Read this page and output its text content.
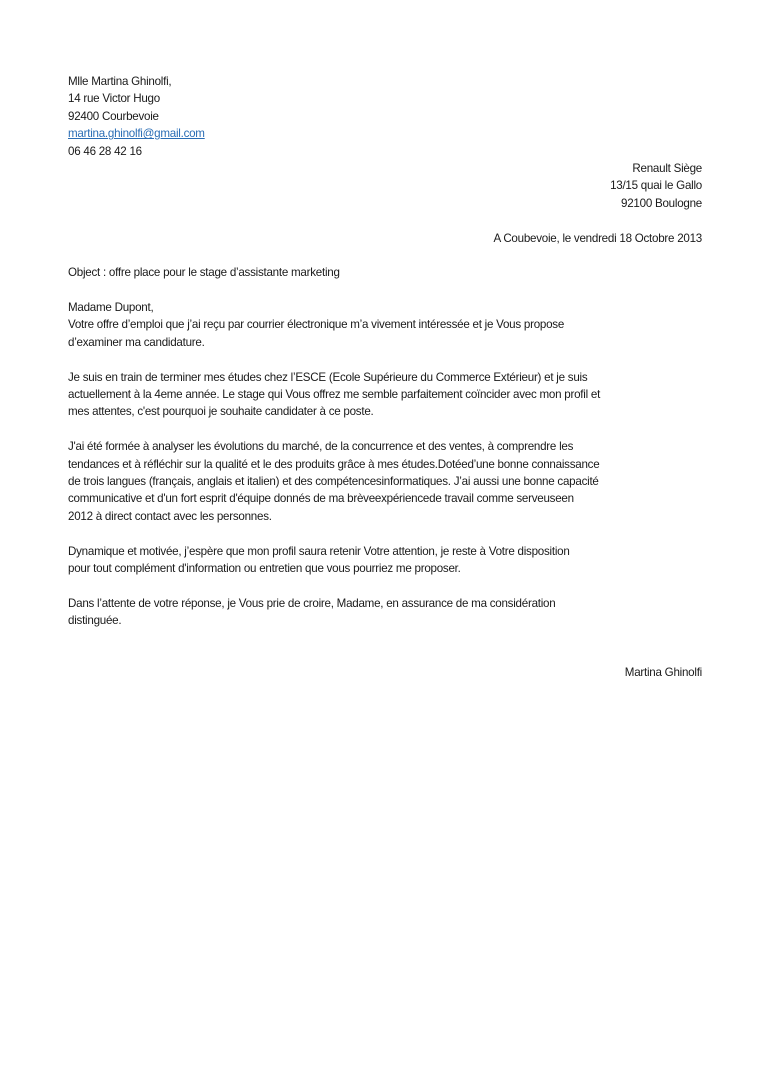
Mlle Martina Ghinolfi,
14 rue Victor Hugo
92400 Courbevoie
martina.ghinolfi@gmail.com
06 46 28 42 16
Renault Siège
13/15 quai le Gallo
92100 Boulogne
A Coubevoie, le vendredi 18 Octobre 2013
Object : offre place pour le stage d’assistante marketing
Madame Dupont,
Votre offre d’emploi que j’ai reçu par courrier électronique m’a vivement intéressée et je Vous propose
d’examiner ma candidature.
Je suis en train de terminer mes études chez l’ESCE (Ecole Supérieure du Commerce Extérieur) et je suis
actuellement à la 4eme année. Le stage qui Vous offrez me semble parfaitement coïncider avec mon profil et
mes attentes, c'est pourquoi je souhaite candidater à ce poste.
J'ai été formée à analyser les évolutions du marché, de la concurrence et des ventes, à comprendre les
tendances et à réfléchir sur la qualité et le des produits grâce à mes études.Dotéed’une bonne connaissance
de trois langues (français, anglais et italien) et des compétencesinformatiques. J’ai aussi une bonne capacité
communicative et d'un fort esprit d'équipe donnés de ma brèveexpériencede travail comme serveuseen
2012 à direct contact avec les personnes.
Dynamique et motivée, j’espère que mon profil saura retenir Votre attention, je reste à Votre disposition
pour tout complément d'information ou entretien que vous pourriez me proposer.
Dans l’attente de votre réponse, je Vous prie de croire, Madame, en assurance de ma considération
distinguée.
Martina Ghinolfi
